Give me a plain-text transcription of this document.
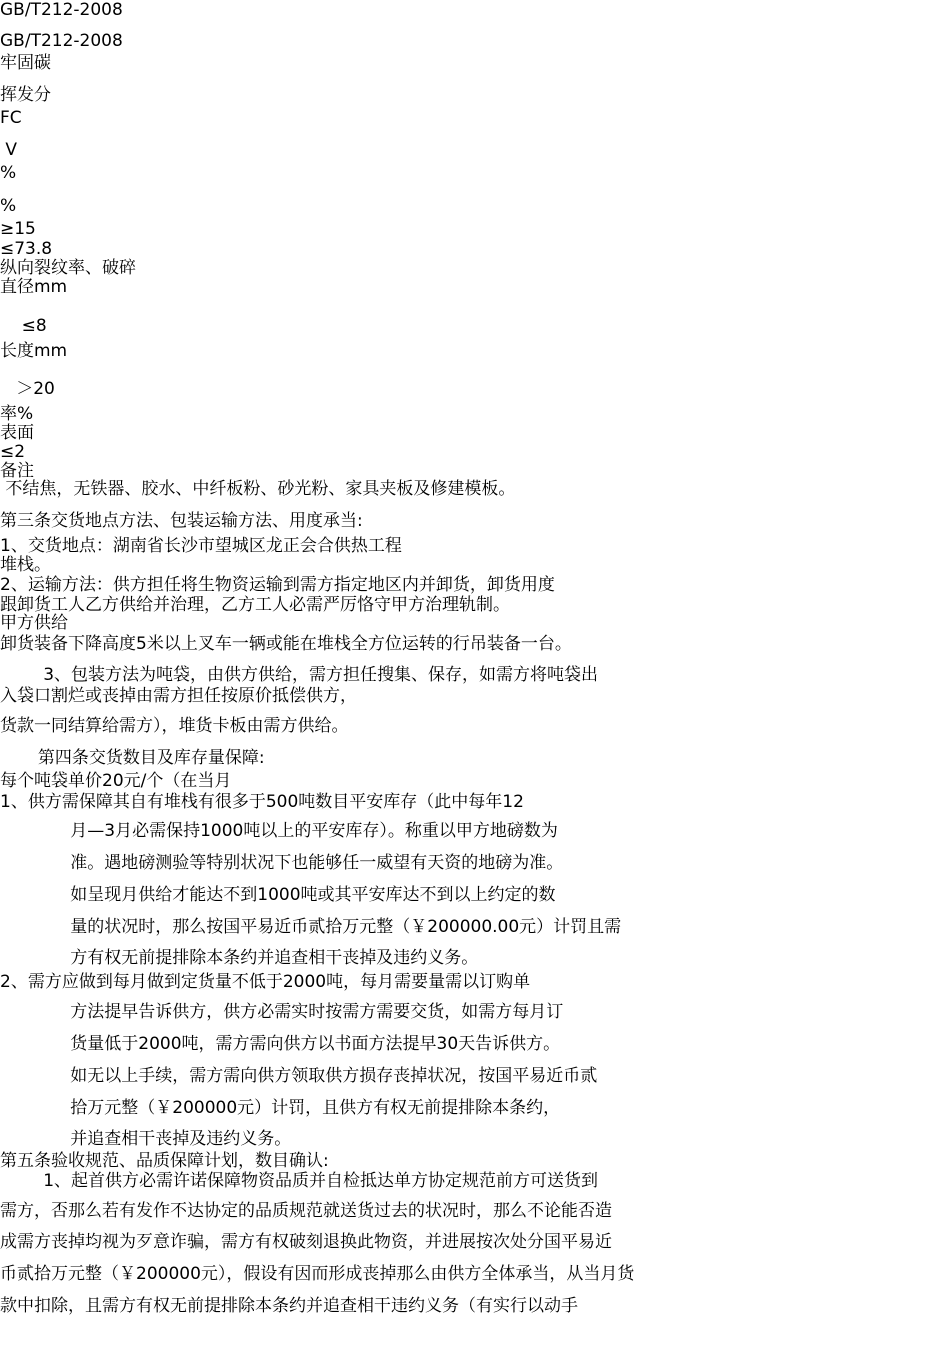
GB/T212-2008

GB/T212-2008

牢固碳

挥发分

FC

V

%

%

≥15

≤73.8

纵向裂纹率、破碎

直径mm

≤8

长度mm

＞20

率%

表面

≤2

备注

不结焦，无铁器、胶水、中纤板粉、砂光粉、家具夹板及修建模板。

第三条交货地点方法、包装运输方法、用度承当:

1、交货地点：湖南省长沙市望城区龙正会合供热工程

堆栈。

2、运输方法：供方担任将生物资运输到需方指定地区内并卸货，卸货用度

跟卸货工人乙方供给并治理，乙方工人必需严厉恪守甲方治理轨制。

甲方供给

卸货装备下降高度5米以上叉车一辆或能在堆栈全方位运转的行吊装备一台。

3、包装方法为吨袋，由供方供给，需方担任搜集、保存，如需方将吨袋出

入袋口割烂或丧掉由需方担任按原价抵偿供方，

货款一同结算给需方），堆货卡板由需方供给。

第四条交货数目及库存量保障:

每个吨袋单价20元/个（在当月

1、供方需保障其自有堆栈有很多于500吨数目平安库存（此中每年12

月—3月必需保持1000吨以上的平安库存）。称重以甲方地磅数为

准。遇地磅测验等特别状况下也能够任一威望有天资的地磅为准。

如呈现月供给才能达不到1000吨或其平安库达不到以上约定的数

量的状况时，那么按国平易近币贰拾万元整（￥200000.00元）计罚且需

方有权无前提排除本条约并追查相干丧掉及违约义务。

2、需方应做到每月做到定货量不低于2000吨，每月需要量需以订购单

方法提早告诉供方，供方必需实时按需方需要交货，如需方每月订

货量低于2000吨，需方需向供方以书面方法提早30天告诉供方。

如无以上手续，需方需向供方领取供方损存丧掉状况，按国平易近币贰

拾万元整（￥200000元）计罚，且供方有权无前提排除本条约，

并追查相干丧掉及违约义务。

第五条验收规范、品质保障计划，数目确认:

1、起首供方必需许诺保障物资品质并自检抵达单方协定规范前方可送货到

需方，否那么若有发作不达协定的品质规范就送货过去的状况时，那么不论能否造

成需方丧掉均视为歹意诈骗，需方有权破刻退换此物资，并进展按次处分国平易近

币贰拾万元整（￥200000元），假设有因而形成丧掉那么由供方全体承当，从当月货

款中扣除，且需方有权无前提排除本条约并追查相干违约义务（有实行以动手
